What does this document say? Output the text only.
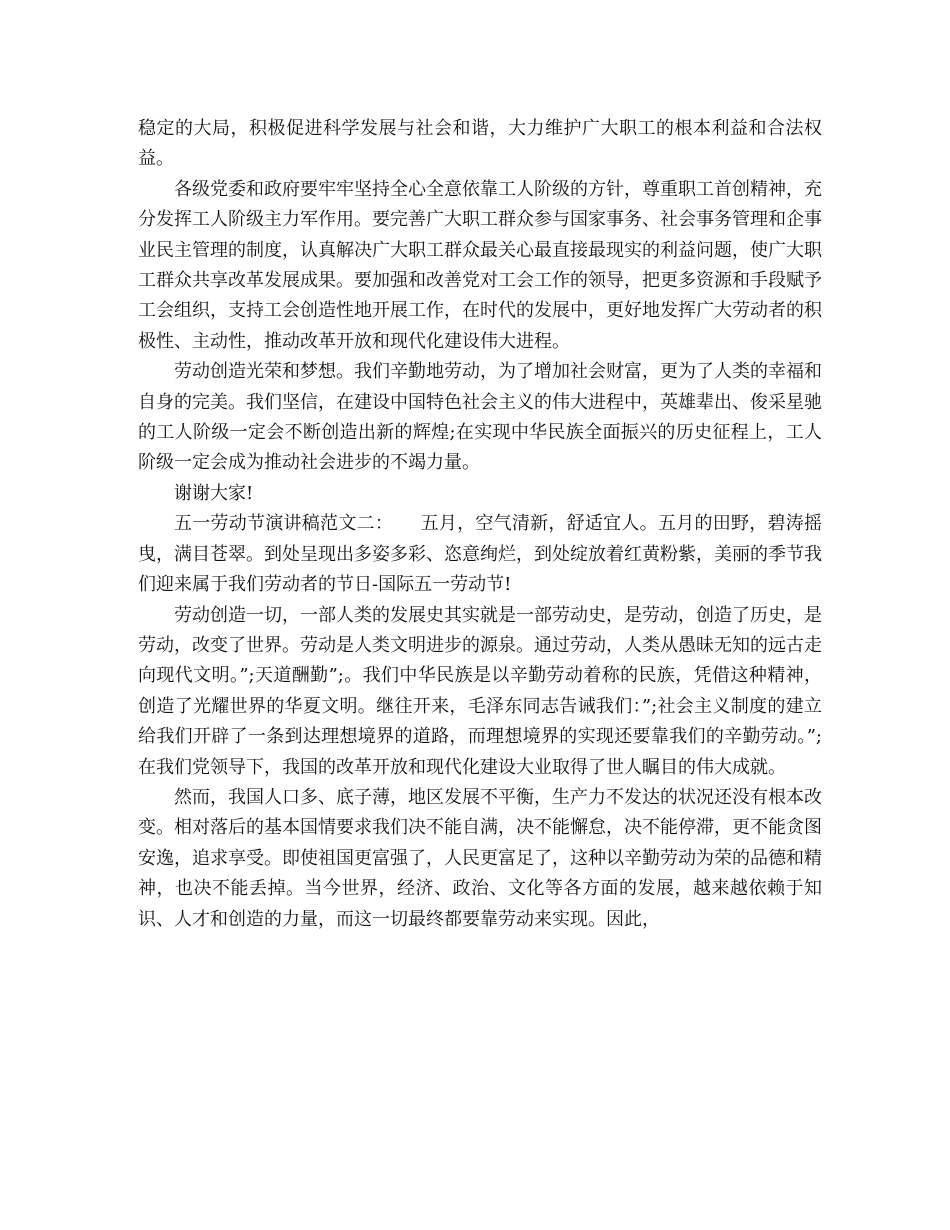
稳定的大局，积极促进科学发展与社会和谐，大力维护广大职工的根本利益和合法权益。

各级党委和政府要牢牢坚持全心全意依靠工人阶级的方针，尊重职工首创精神，充分发挥工人阶级主力军作用。要完善广大职工群众参与国家事务、社会事务管理和企事业民主管理的制度，认真解决广大职工群众最关心最直接最现实的利益问题，使广大职工群众共享改革发展成果。要加强和改善党对工会工作的领导，把更多资源和手段赋予工会组织，支持工会创造性地开展工作，在时代的发展中，更好地发挥广大劳动者的积极性、主动性，推动改革开放和现代化建设伟大进程。

劳动创造光荣和梦想。我们辛勤地劳动，为了增加社会财富，更为了人类的幸福和自身的完美。我们坚信，在建设中国特色社会主义的伟大进程中，英雄辈出、俊采星驰的工人阶级一定会不断创造出新的辉煌;在实现中华民族全面振兴的历史征程上，工人阶级一定会成为推动社会进步的不竭力量。

谢谢大家!

五一劳动节演讲稿范文二：　　五月，空气清新，舒适宜人。五月的田野，碧涛摇曳，满目苍翠。到处呈现出多姿多彩、恣意绚烂，到处绽放着红黄粉紫，美丽的季节我们迎来属于我们劳动者的节日-国际五一劳动节!

劳动创造一切，一部人类的发展史其实就是一部劳动史，是劳动，创造了历史，是劳动，改变了世界。劳动是人类文明进步的源泉。通过劳动，人类从愚昧无知的远古走向现代文明。”;天道酬勤”;。我们中华民族是以辛勤劳动着称的民族，凭借这种精神，创造了光耀世界的华夏文明。继往开来，毛泽东同志告诫我们：”;社会主义制度的建立给我们开辟了一条到达理想境界的道路，而理想境界的实现还要靠我们的辛勤劳动。”;在我们党领导下，我国的改革开放和现代化建设大业取得了世人瞩目的伟大成就。

然而，我国人口多、底子薄，地区发展不平衡，生产力不发达的状况还没有根本改变。相对落后的基本国情要求我们决不能自满，决不能懈怠，决不能停滞，更不能贪图安逸，追求享受。即使祖国更富强了，人民更富足了，这种以辛勤劳动为荣的品德和精神，也决不能丢掉。当今世界，经济、政治、文化等各方面的发展，越来越依赖于知识、人才和创造的力量，而这一切最终都要靠劳动来实现。因此，
